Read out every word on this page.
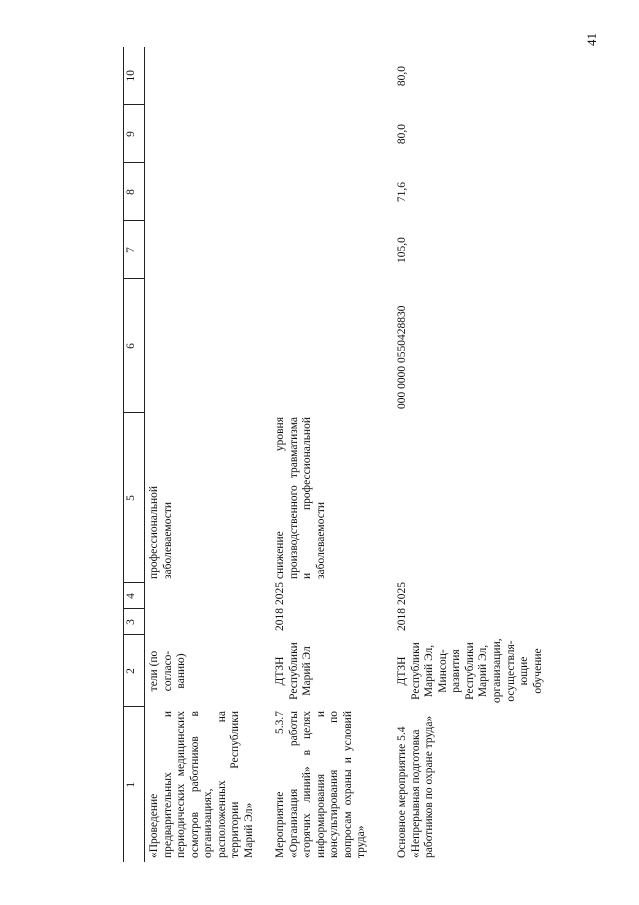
41
1	2	3	4	5	6	7	8	9	10
«Проведение предварительных и периодических медицинских осмотров работников в организациях, расположенных на территории Республики Марий Эл»	тели (по согласо-ванию)			профессиональной заболеваемости					
Мероприятие 5.3.7 «Организация работы «горячих линий» в целях информирования и консультирования по вопросам охраны и условий труда»	ДТЗН Республики Марий Эл	2018	2025	снижение уровня производственного травматизма и профессиональной заболеваемости					
Основное мероприятие 5.4 «Непрерывная подготовка работников по охране труда»	ДТЗН Республики Марий Эл, Минсоц-развития Республики Марий Эл, организации, осуществля-ющие обучение	2018	2025		000 0000 0550428830	105,0	71,6	80,0	80,0
